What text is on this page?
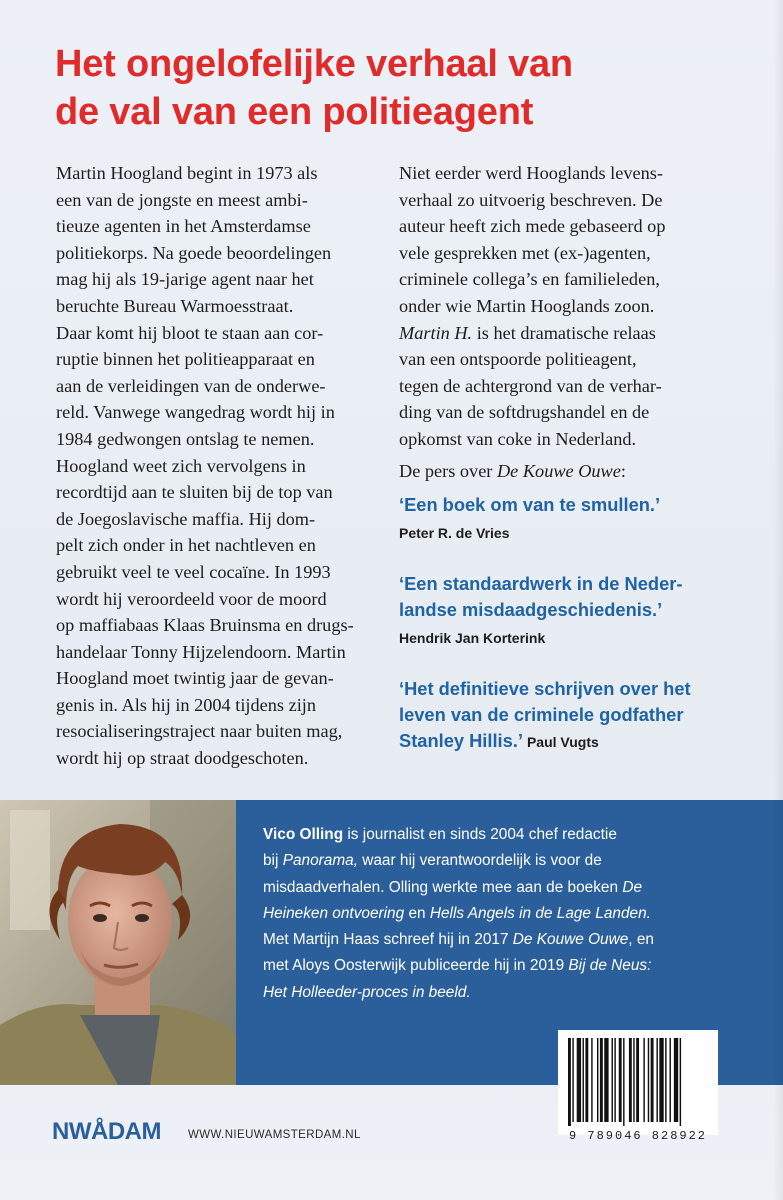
Het ongelofelijke verhaal van
de val van een politieagent
Martin Hoogland begint in 1973 als
een van de jongste en meest ambi-
tieuze agenten in het Amsterdamse
politiekorps. Na goede beoordelingen
mag hij als 19-jarige agent naar het
beruchte Bureau Warmoesstraat.
Daar komt hij bloot te staan aan cor-
ruptie binnen het politieapparaat en
aan de verleidingen van de onderwe-
reld. Vanwege wangedrag wordt hij in
1984 gedwongen ontslag te nemen.
Hoogland weet zich vervolgens in
recordtijd aan te sluiten bij de top van
de Joegoslavische maffia. Hij dom-
pelt zich onder in het nachtleven en
gebruikt veel te veel cocaïne. In 1993
wordt hij veroordeeld voor de moord
op maffiabaas Klaas Bruinsma en drugs-
handelaar Tonny Hijzelendoorn. Martin
Hoogland moet twintig jaar de gevan-
genis in. Als hij in 2004 tijdens zijn
resocialiseringstraject naar buiten mag,
wordt hij op straat doodgeschoten.
Niet eerder werd Hooglands levens-
verhaal zo uitvoerig beschreven. De
auteur heeft zich mede gebaseerd op
vele gesprekken met (ex-)agenten,
criminele collega’s en familieleden,
onder wie Martin Hooglands zoon.
Martin H. is het dramatische relaas
van een ontspoorde politieagent,
tegen de achtergrond van de verhar-
ding van de softdrugshandel en de
opkomst van coke in Nederland.
De pers over De Kouwe Ouwe:
‘Een boek om van te smullen.’
Peter R. de Vries
‘Een standaardwerk in de Neder-
landse misdaadgeschiedenis.’
Hendrik Jan Korterink
‘Het definitieve schrijven over het
leven van de criminele godfather
Stanley Hillis.’ Paul Vugts
Vico Olling is journalist en sinds 2004 chef redactie
bij Panorama, waar hij verantwoordelijk is voor de
misdaadverhalen. Olling werkte mee aan de boeken De
Heineken ontvoering en Hells Angels in de Lage Landen.
Met Martijn Haas schreef hij in 2017 De Kouwe Ouwe, en
met Aloys Oosterwijk publiceerde hij in 2019 Bij de Neus:
Het Holleeder-proces in beeld.
9 789046 828922
NWÅDAM WWW.NIEUWAMSTERDAM.NL
